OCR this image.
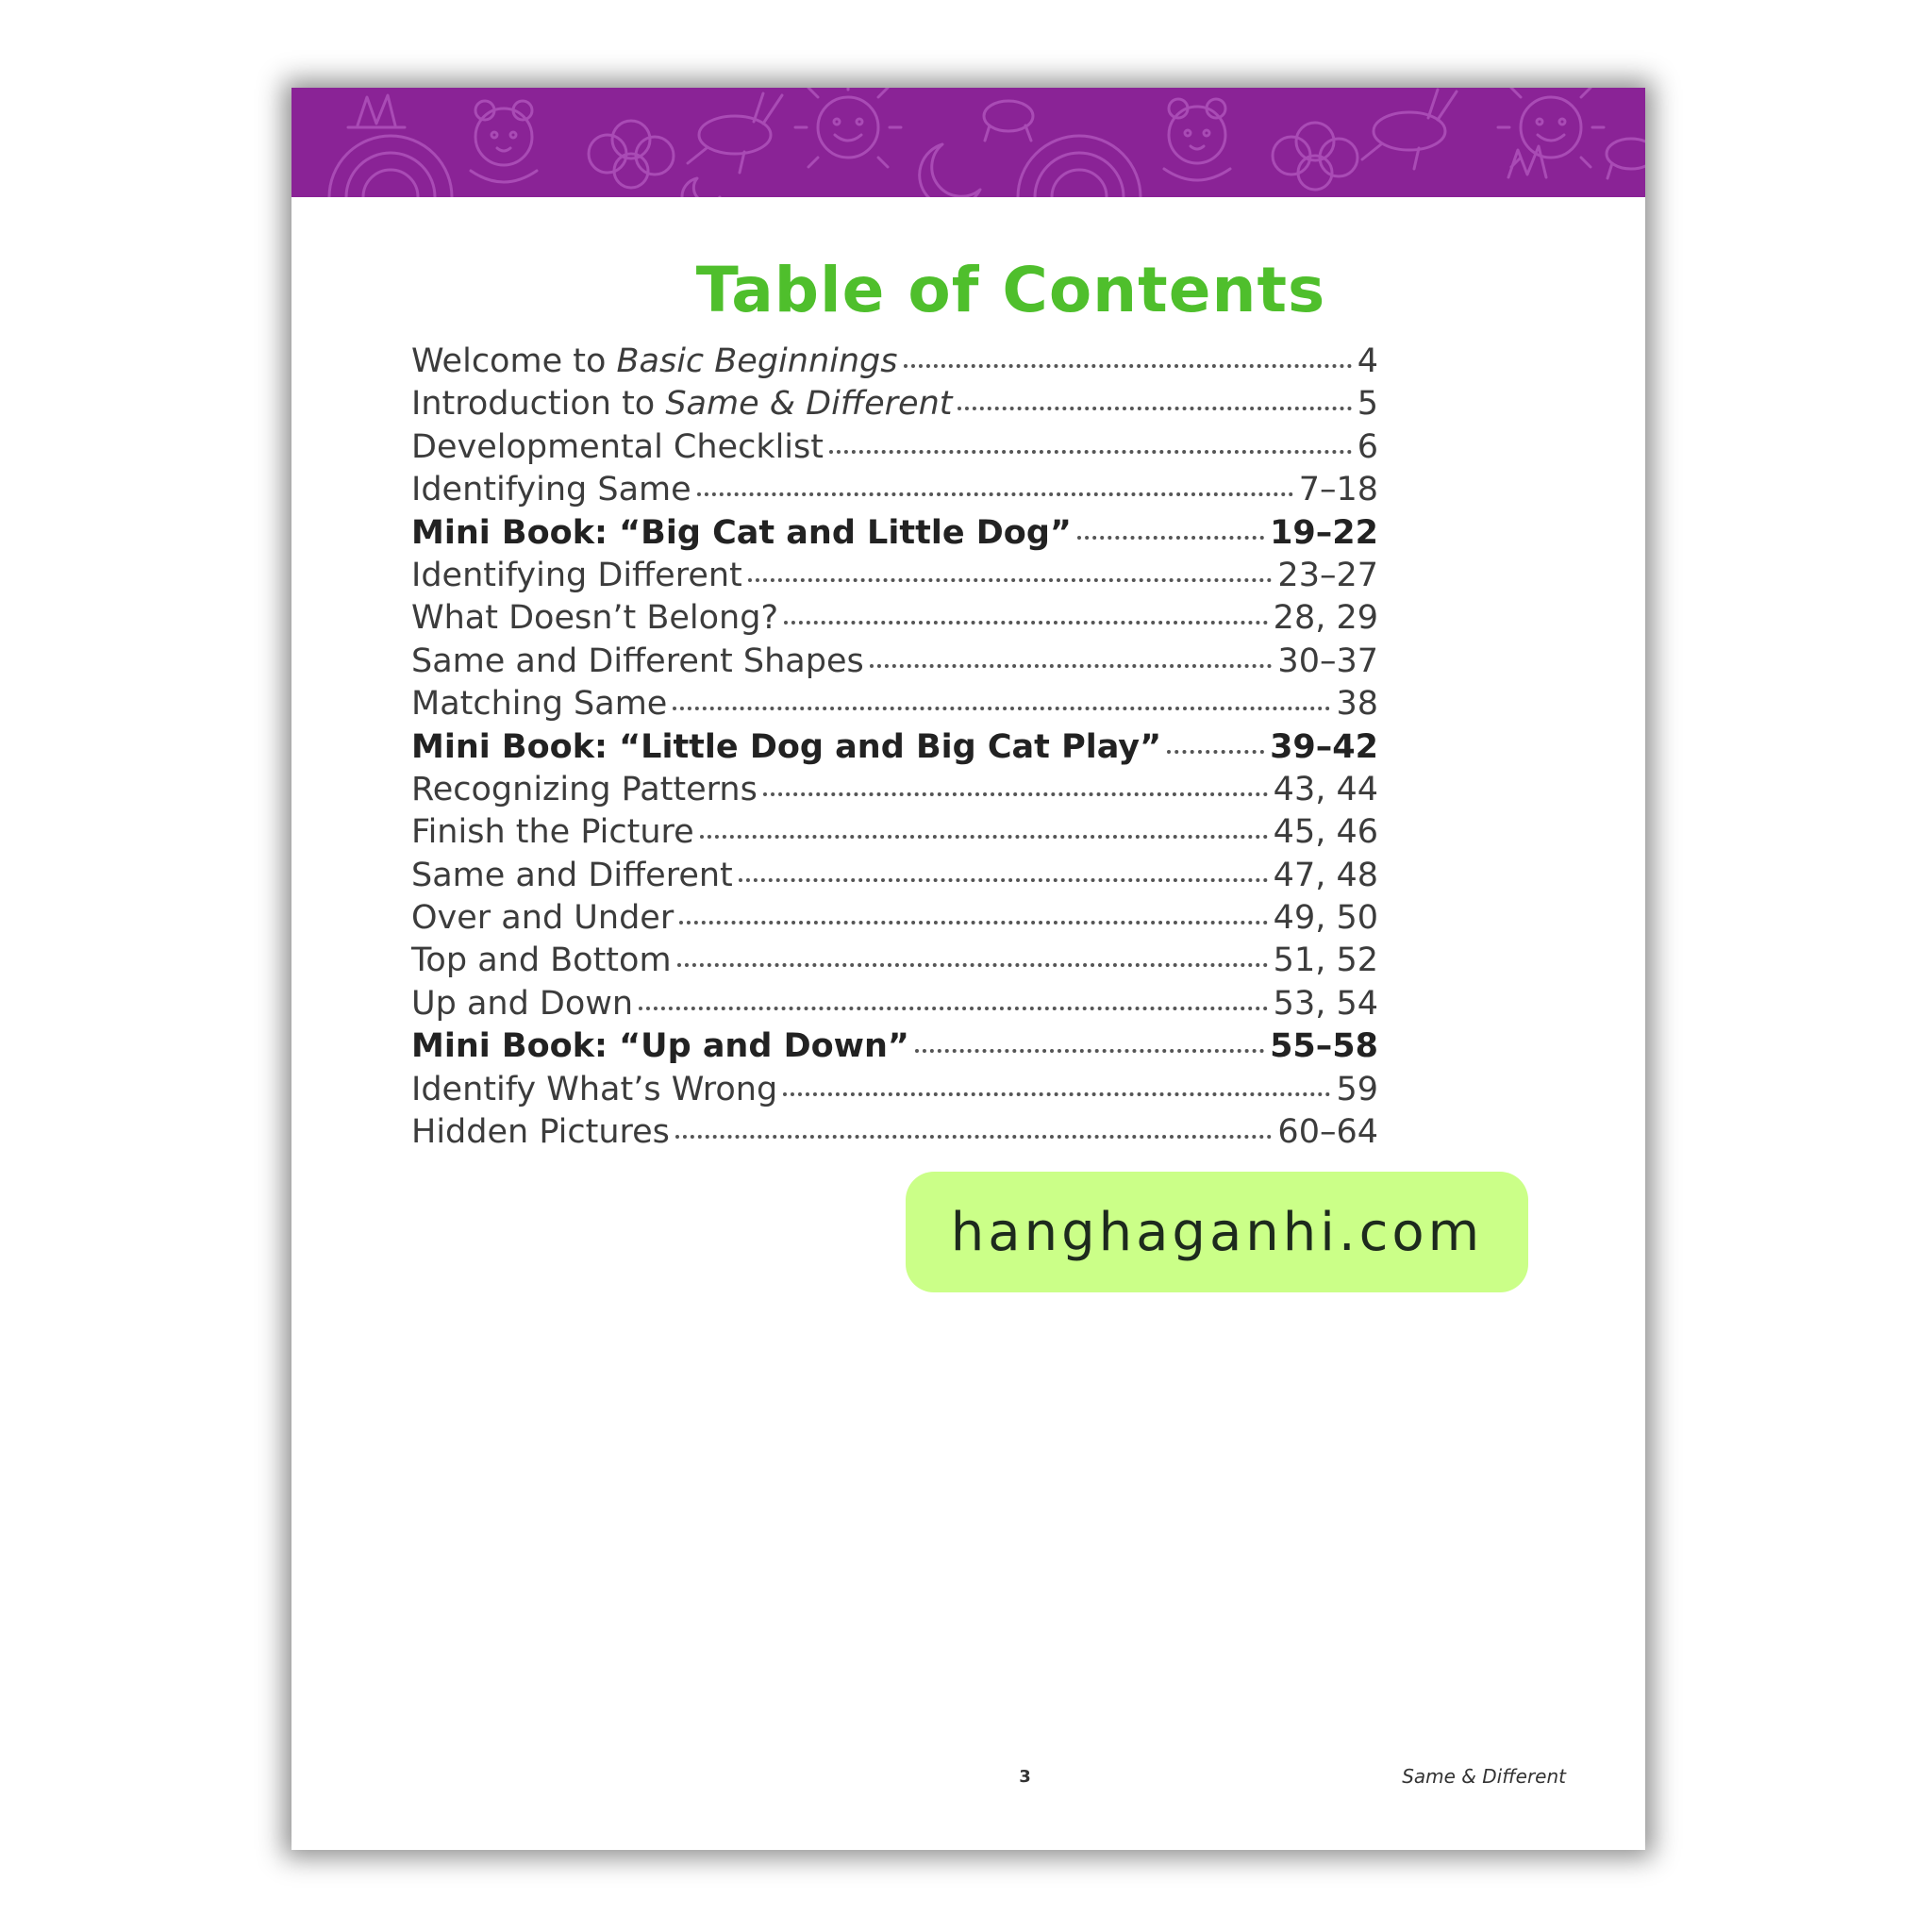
Table of Contents
Welcome to Basic Beginnings	4
Introduction to Same & Different	5
Developmental Checklist	6
Identifying Same	7–18
Mini Book: “Big Cat and Little Dog”	19–22
Identifying Different	23–27
What Doesn’t Belong?	28, 29
Same and Different Shapes	30–37
Matching Same	38
Mini Book: “Little Dog and Big Cat Play”	39–42
Recognizing Patterns	43, 44
Finish the Picture	45, 46
Same and Different	47, 48
Over and Under	49, 50
Top and Bottom	51, 52
Up and Down	53, 54
Mini Book: “Up and Down”	55–58
Identify What’s Wrong	59
Hidden Pictures	60–64
3	Same & Different
hanghaganhi.com
